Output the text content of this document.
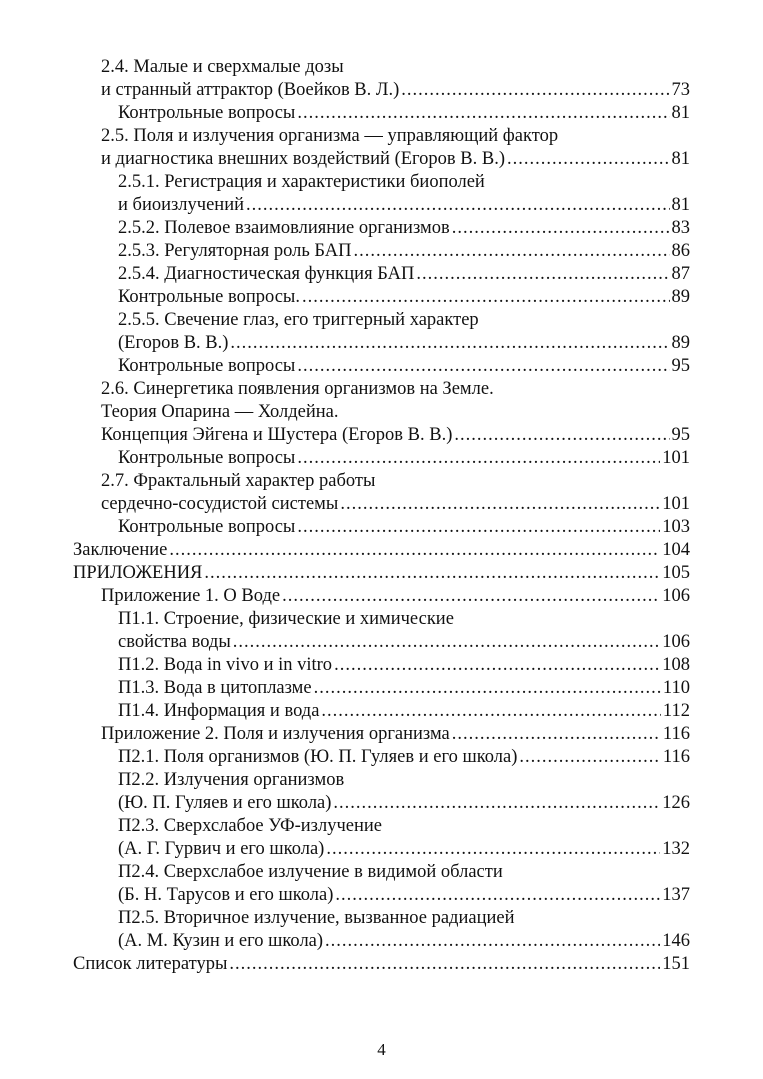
2.4. Малые и сверхмалые дозы
и странный аттрактор (Воейков В. Л.) .....	73
Контрольные вопросы .....	81
2.5. Поля и излучения организма — управляющий фактор
и диагностика внешних воздействий (Егоров В. В.) .....	81
2.5.1. Регистрация и характеристики биополей
и биоизлучений .....	81
2.5.2. Полевое взаимовлияние организмов .....	83
2.5.3. Регуляторная роль БАП .....	86
2.5.4. Диагностическая функция БАП .....	87
Контрольные вопросы. .....	89
2.5.5. Свечение глаз, его триггерный характер
(Егоров В. В.) .....	89
Контрольные вопросы .....	95
2.6. Синергетика появления организмов на Земле.
Теория Опарина — Холдейна.
Концепция Эйгена и Шустера (Егоров В. В.) .....	95
Контрольные вопросы .....	101
2.7. Фрактальный характер работы
сердечно-сосудистой системы .....	101
Контрольные вопросы .....	103
Заключение .....	104
ПРИЛОЖЕНИЯ .....	105
Приложение 1. О Воде .....	106
П1.1. Строение, физические и химические
свойства воды .....	106
П1.2. Вода in vivo и in vitro .....	108
П1.3. Вода в цитоплазме .....	110
П1.4. Информация и вода .....	112
Приложение 2. Поля и излучения организма .....	116
П2.1. Поля организмов (Ю. П. Гуляев и его школа) .....	116
П2.2. Излучения организмов
(Ю. П. Гуляев и его школа) .....	126
П2.3. Сверхслабое УФ-излучение
(А. Г. Гурвич и его школа) .....	132
П2.4. Сверхслабое излучение в видимой области
(Б. Н. Тарусов и его школа) .....	137
П2.5. Вторичное излучение, вызванное радиацией
(А. М. Кузин и его школа) .....	146
Список литературы .....	151
4
